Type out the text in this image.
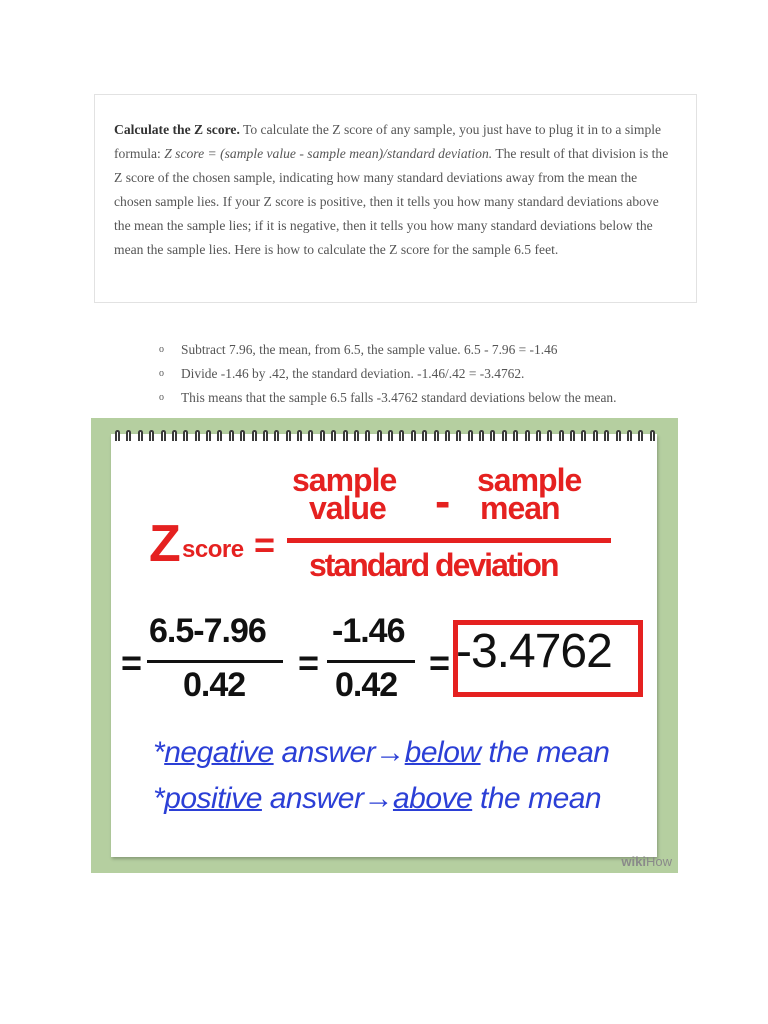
Calculate the Z score. To calculate the Z score of any sample, you just have to plug it in to a simple formula: Z score = (sample value - sample mean)/standard deviation. The result of that division is the Z score of the chosen sample, indicating how many standard deviations away from the mean the chosen sample lies. If your Z score is positive, then it tells you how many standard deviations above the mean the sample lies; if it is negative, then it tells you how many standard deviations below the mean the sample lies. Here is how to calculate the Z score for the sample 6.5 feet.
o Subtract 7.96, the mean, from 6.5, the sample value. 6.5 - 7.96 = -1.46
o Divide -1.46 by .42, the standard deviation. -1.46/.42 = -3.4762.
o This means that the sample 6.5 falls -3.4762 standard deviations below the mean.
Z score =
sample
value - sample
mean
standard deviation
=
6.5-7.96
0.42
=
-1.46
0.42
= -3.4762
*negative answer→below the mean
*positive answer→above the mean
wikiHow
